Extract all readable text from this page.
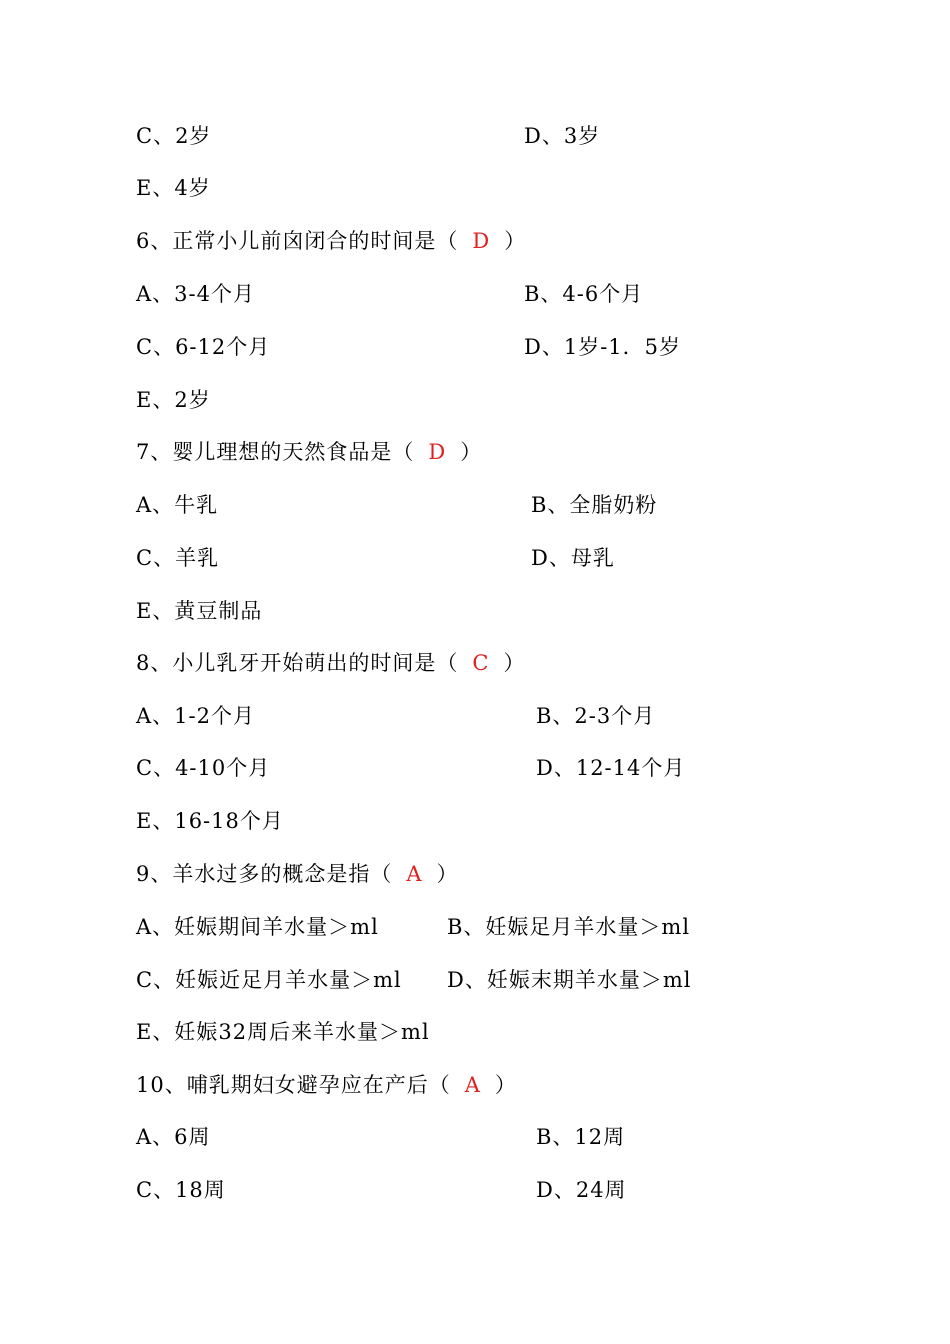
C、2岁	D、3岁
E、4岁
6、正常小儿前囟闭合的时间是（ D ）
A、3-4个月	B、4-6个月
C、6-12个月	D、1岁-1．5岁
E、2岁
7、婴儿理想的天然食品是（ D ）
A、牛乳	B、全脂奶粉
C、羊乳	D、母乳
E、黄豆制品
8、小儿乳牙开始萌出的时间是（ C ）
A、1-2个月	B、2-3个月
C、4-10个月	D、12-14个月
E、16-18个月
9、羊水过多的概念是指（ A ）
A、妊娠期间羊水量＞ml	B、妊娠足月羊水量＞ml
C、妊娠近足月羊水量＞ml D、妊娠末期羊水量＞ml
E、妊娠32周后来羊水量＞ml
10、哺乳期妇女避孕应在产后（ A ）
A、6周	B、12周
C、18周	D、24周
